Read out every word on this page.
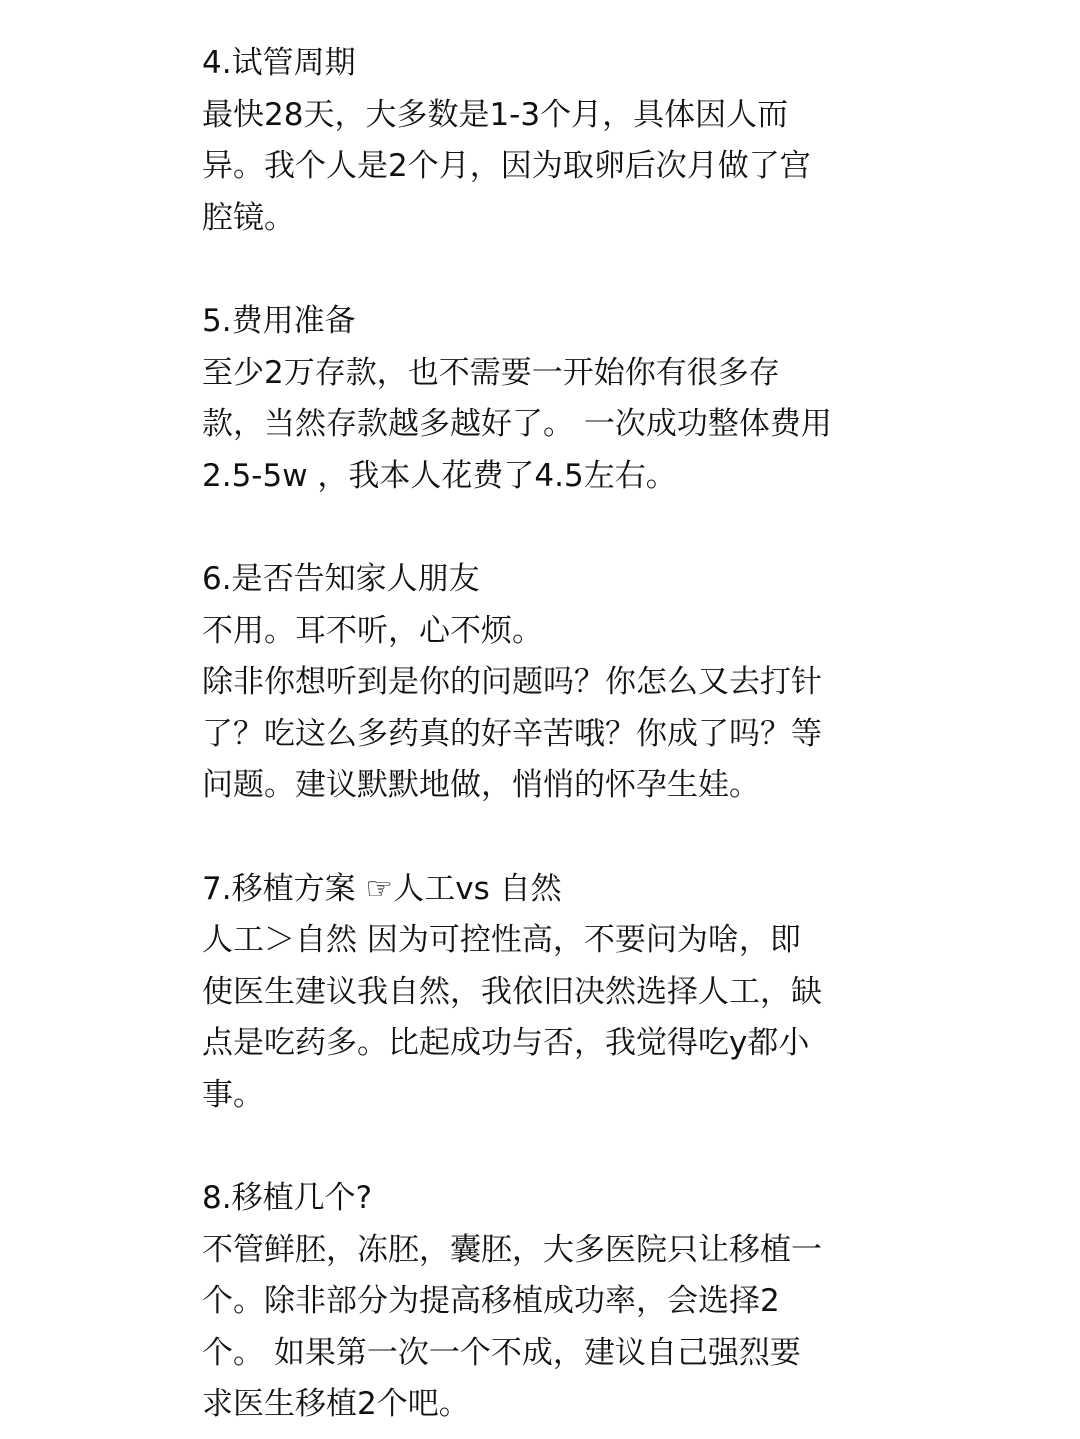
4.试管周期
最快28天，大多数是1-3个月，具体因人而
异。我个人是2个月，因为取卵后次月做了宫
腔镜。
5.费用准备
至少2万存款，也不需要一开始你有很多存
款，当然存款越多越好了。 一次成功整体费用
2.5-5w ，我本人花费了4.5左右。
6.是否告知家人朋友
不用。耳不听，心不烦。
除非你想听到是你的问题吗？你怎么又去打针
了？吃这么多药真的好辛苦哦？你成了吗？等
问题。建议默默地做，悄悄的怀孕生娃。
7.移植方案 ☞人工vs 自然
人工＞自然 因为可控性高，不要问为啥，即
使医生建议我自然，我依旧决然选择人工，缺
点是吃药多。比起成功与否，我觉得吃y都小
事。
8.移植几个?
不管鲜胚，冻胚，囊胚，大多医院只让移植一
个。除非部分为提高移植成功率，会选择2
个。 如果第一次一个不成，建议自己强烈要
求医生移植2个吧。
